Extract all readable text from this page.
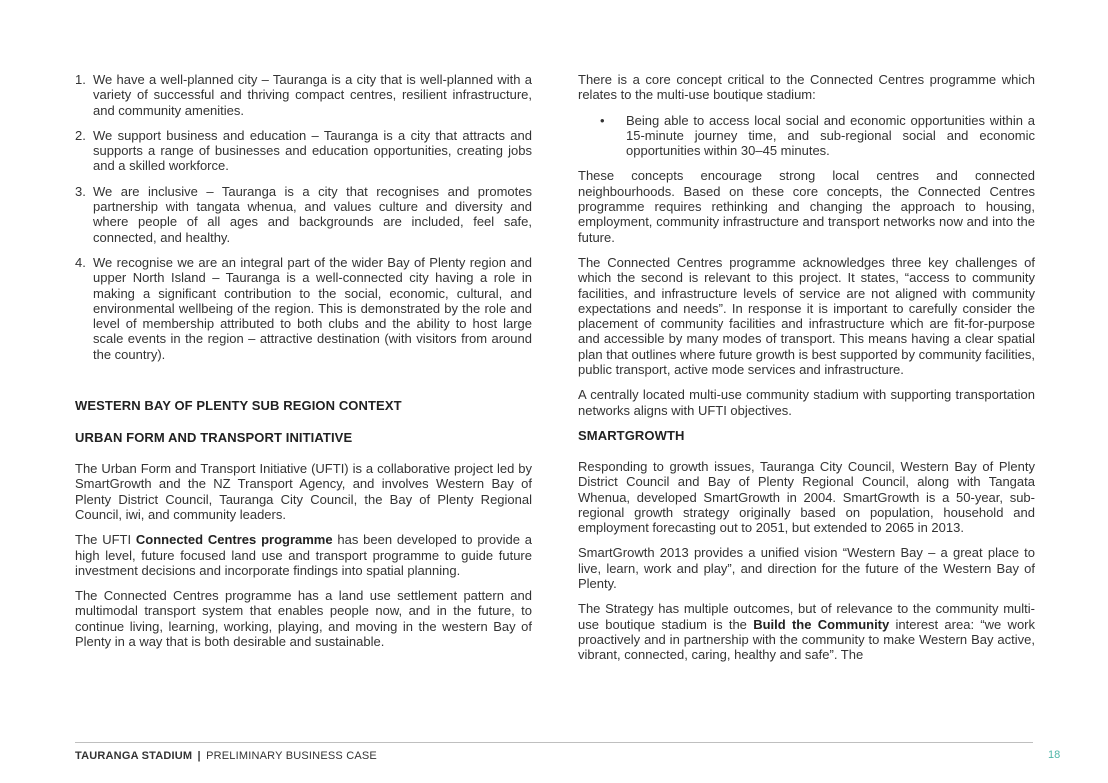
1. We have a well-planned city – Tauranga is a city that is well-planned with a variety of successful and thriving compact centres, resilient infrastructure, and community amenities.
2. We support business and education – Tauranga is a city that attracts and supports a range of businesses and education opportunities, creating jobs and a skilled workforce.
3. We are inclusive – Tauranga is a city that recognises and promotes partnership with tangata whenua, and values culture and diversity and where people of all ages and backgrounds are included, feel safe, connected, and healthy.
4. We recognise we are an integral part of the wider Bay of Plenty region and upper North Island – Tauranga is a well-connected city having a role in making a significant contribution to the social, economic, cultural, and environmental wellbeing of the region. This is demonstrated by the role and level of membership attributed to both clubs and the ability to host large scale events in the region – attractive destination (with visitors from around the country).
WESTERN BAY OF PLENTY SUB REGION CONTEXT
URBAN FORM AND TRANSPORT INITIATIVE

The Urban Form and Transport Initiative (UFTI) is a collaborative project led by SmartGrowth and the NZ Transport Agency, and involves Western Bay of Plenty District Council, Tauranga City Council, the Bay of Plenty Regional Council, iwi, and community leaders.

The UFTI Connected Centres programme has been developed to provide a high level, future focused land use and transport programme to guide future investment decisions and incorporate findings into spatial planning.

The Connected Centres programme has a land use settlement pattern and multimodal transport system that enables people now, and in the future, to continue living, learning, working, playing, and moving in the western Bay of Plenty in a way that is both desirable and sustainable.

There is a core concept critical to the Connected Centres programme which relates to the multi-use boutique stadium:

• Being able to access local social and economic opportunities within a 15-minute journey time, and sub-regional social and economic opportunities within 30–45 minutes.

These concepts encourage strong local centres and connected neighbourhoods. Based on these core concepts, the Connected Centres programme requires rethinking and changing the approach to housing, employment, community infrastructure and transport networks now and into the future.

The Connected Centres programme acknowledges three key challenges of which the second is relevant to this project. It states, “access to community facilities, and infrastructure levels of service are not aligned with community expectations and needs”. In response it is important to carefully consider the placement of community facilities and infrastructure which are fit-for-purpose and accessible by many modes of transport. This means having a clear spatial plan that outlines where future growth is best supported by community facilities, public transport, active mode services and infrastructure.

A centrally located multi-use community stadium with supporting transportation networks aligns with UFTI objectives.

SMARTGROWTH

Responding to growth issues, Tauranga City Council, Western Bay of Plenty District Council and Bay of Plenty Regional Council, along with Tangata Whenua, developed SmartGrowth in 2004. SmartGrowth is a 50-year, sub-regional growth strategy originally based on population, household and employment forecasting out to 2051, but extended to 2065 in 2013.

SmartGrowth 2013 provides a unified vision “Western Bay – a great place to live, learn, work and play”, and direction for the future of the Western Bay of Plenty.

The Strategy has multiple outcomes, but of relevance to the community multi-use boutique stadium is the Build the Community interest area: “we work proactively and in partnership with the community to make Western Bay active, vibrant, connected, caring, healthy and safe”. The

TAURANGA STADIUM | PRELIMINARY BUSINESS CASE	18
